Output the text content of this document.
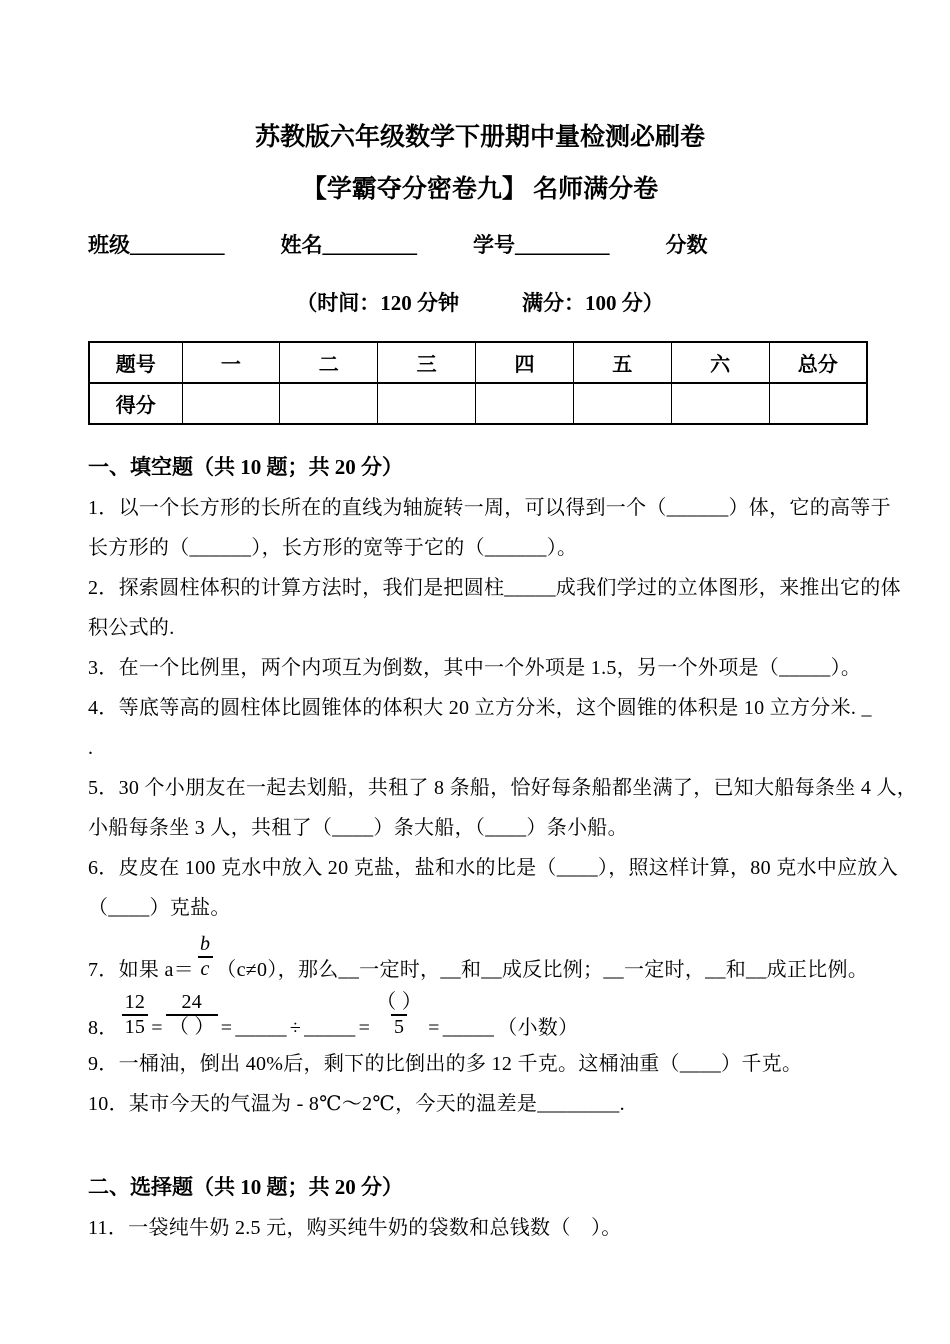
苏教版六年级数学下册期中量检测必刷卷
【学霸夺分密卷九】 名师满分卷
班级_________	姓名_________	学号_________	分数
（时间：120 分钟　　　满分：100 分）
题号	一	二	三	四	五	六	总分
得分							
一、填空题（共 10 题；共 20 分）
1．以一个长方形的长所在的直线为轴旋转一周，可以得到一个（______）体，它的高等于
长方形的（______），长方形的宽等于它的（______）。
2．探索圆柱体积的计算方法时，我们是把圆柱_____成我们学过的立体图形，来推出它的体
积公式的.
3．在一个比例里，两个内项互为倒数，其中一个外项是 1.5，另一个外项是（_____）。
4．等底等高的圆柱体比圆锥体的体积大 20 立方分米，这个圆锥的体积是 10 立方分米. _
.
5．30 个小朋友在一起去划船，共租了 8 条船，恰好每条船都坐满了，已知大船每条坐 4 人，
小船每条坐 3 人，共租了（____）条大船，（____）条小船。
6．皮皮在 100 克水中放入 20 克盐，盐和水的比是（____），照这样计算，80 克水中应放入
（____）克盐。
7．如果 $a= \frac{b}{c} (c\ne 0)$，那么__一定时，__和__成反比例；__一定时，__和__成正比例。
8． $\frac{12}{15} = \frac{24}{( )}$ = _____ ÷ _____ = $\frac{( )}{5}$ = _____ （小数）
9．一桶油，倒出 40%后，剩下的比倒出的多 12 千克。这桶油重（____）千克。
10．某市今天的气温为 - 8℃～2℃，今天的温差是________.
二、选择题（共 10 题；共 20 分）
11．一袋纯牛奶 2.5 元，购买纯牛奶的袋数和总钱数（　）。
